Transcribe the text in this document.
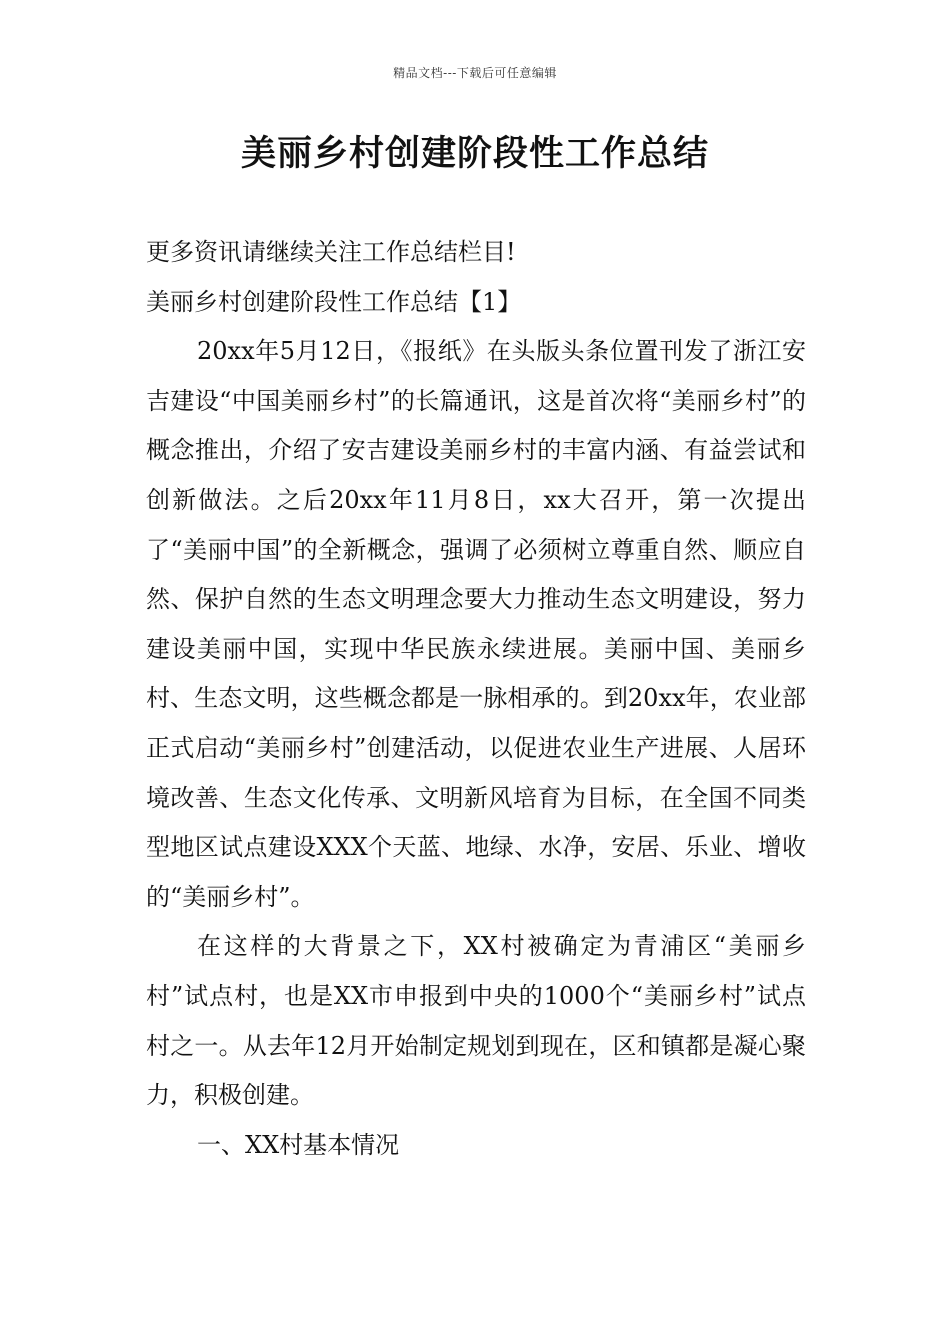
精品文档---下载后可任意编辑
美丽乡村创建阶段性工作总结

更多资讯请继续关注工作总结栏目!

美丽乡村创建阶段性工作总结【1】

20xx年5月12日，《报纸》在头版头条位置刊发了浙江安吉建设“中国美丽乡村”的长篇通讯，这是首次将“美丽乡村”的概念推出，介绍了安吉建设美丽乡村的丰富内涵、有益尝试和创新做法。之后20xx年11月8日，xx大召开，第一次提出了“美丽中国”的全新概念，强调了必须树立尊重自然、顺应自然、保护自然的生态文明理念要大力推动生态文明建设，努力建设美丽中国，实现中华民族永续进展。美丽中国、美丽乡村、生态文明，这些概念都是一脉相承的。到20xx年，农业部正式启动“美丽乡村”创建活动，以促进农业生产进展、人居环境改善、生态文化传承、文明新风培育为目标，在全国不同类型地区试点建设XXX个天蓝、地绿、水净，安居、乐业、增收的“美丽乡村”。

在这样的大背景之下，XX村被确定为青浦区“美丽乡村”试点村，也是XX市申报到中央的1000个“美丽乡村”试点村之一。从去年12月开始制定规划到现在，区和镇都是凝心聚力，积极创建。

一、XX村基本情况
